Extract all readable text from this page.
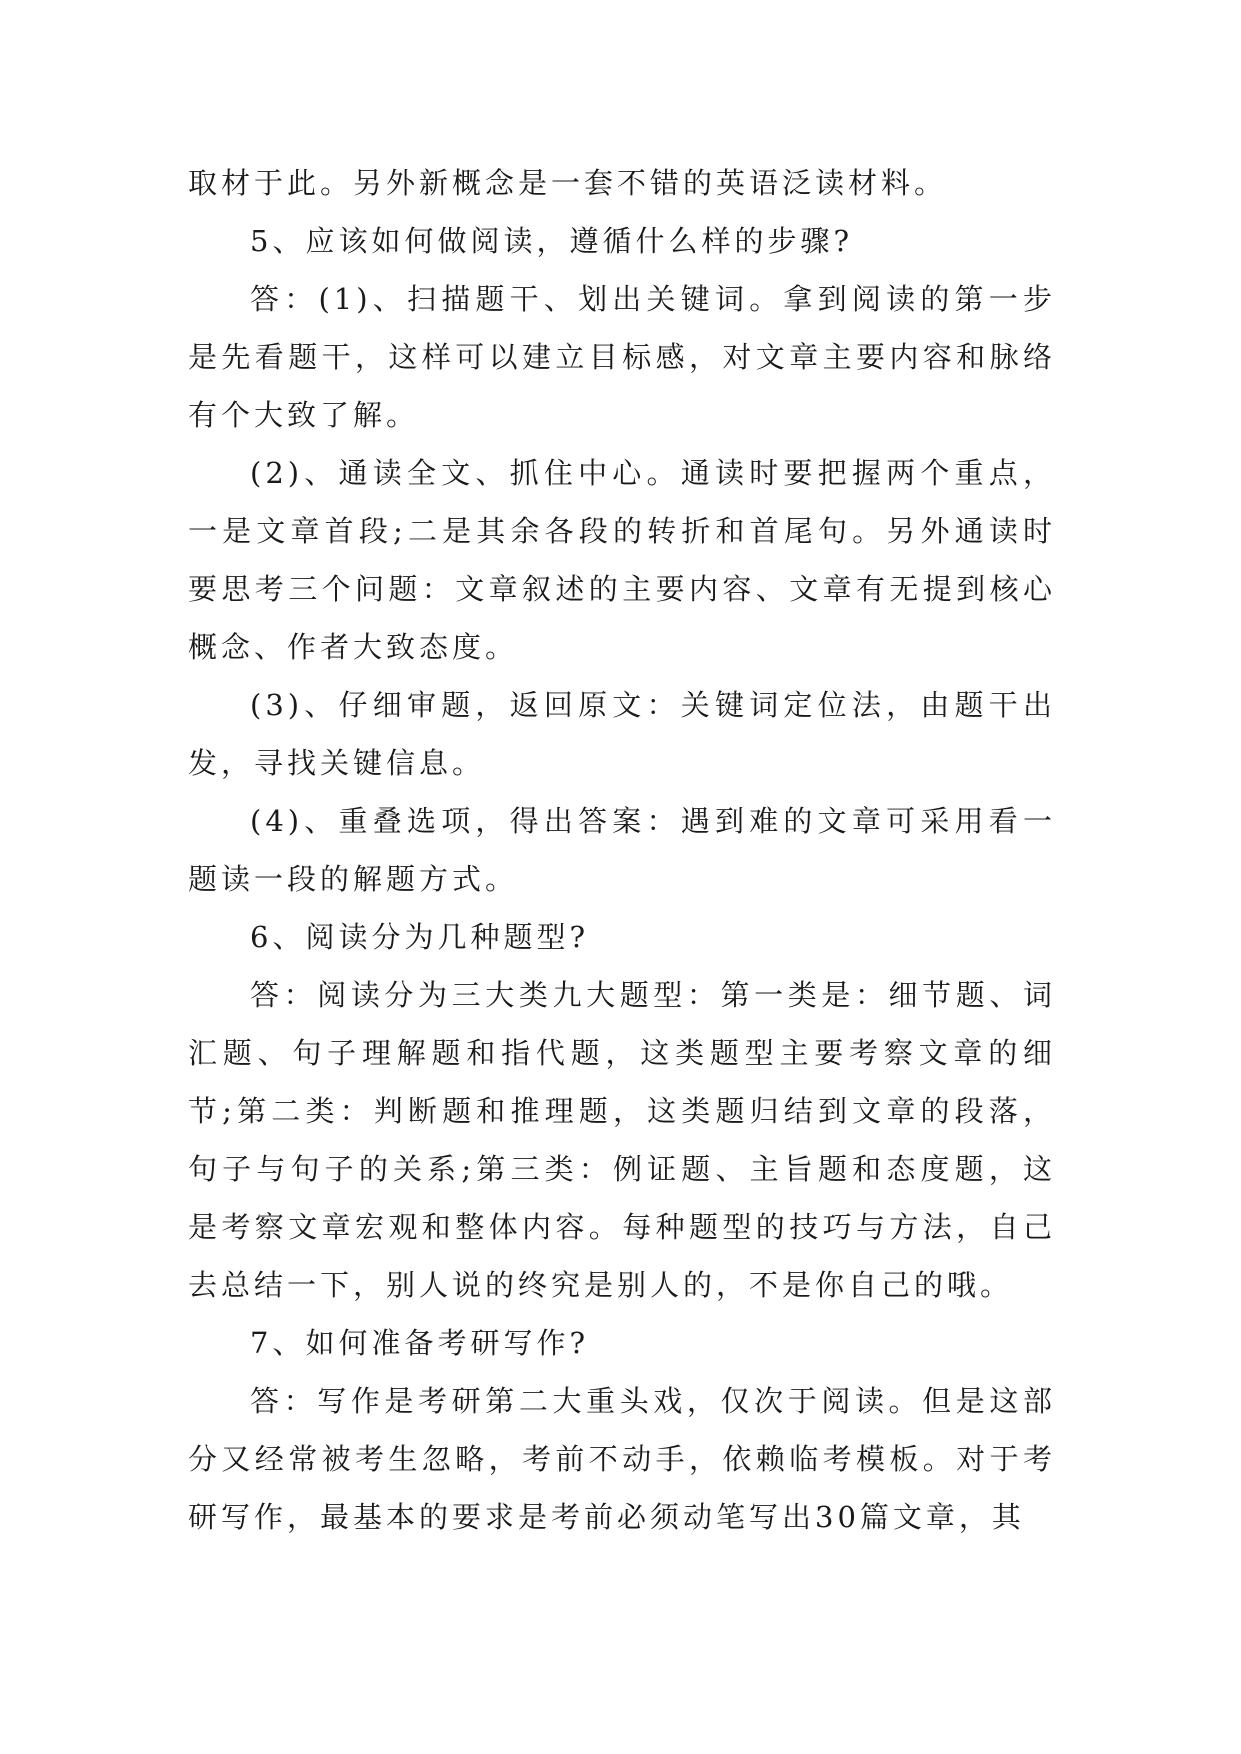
取材于此。另外新概念是一套不错的英语泛读材料。

5、应该如何做阅读，遵循什么样的步骤?

答：(1)、扫描题干、划出关键词。拿到阅读的第一步是先看题干，这样可以建立目标感，对文章主要内容和脉络有个大致了解。

(2)、通读全文、抓住中心。通读时要把握两个重点，一是文章首段;二是其余各段的转折和首尾句。另外通读时要思考三个问题：文章叙述的主要内容、文章有无提到核心概念、作者大致态度。

(3)、仔细审题，返回原文：关键词定位法，由题干出发，寻找关键信息。

(4)、重叠选项，得出答案：遇到难的文章可采用看一题读一段的解题方式。

6、阅读分为几种题型?

答：阅读分为三大类九大题型：第一类是：细节题、词汇题、句子理解题和指代题，这类题型主要考察文章的细节;第二类：判断题和推理题，这类题归结到文章的段落，句子与句子的关系;第三类：例证题、主旨题和态度题，这是考察文章宏观和整体内容。每种题型的技巧与方法，自己去总结一下，别人说的终究是别人的，不是你自己的哦。

7、如何准备考研写作?

答：写作是考研第二大重头戏，仅次于阅读。但是这部分又经常被考生忽略，考前不动手，依赖临考模板。对于考研写作，最基本的要求是考前必须动笔写出30篇文章，其
